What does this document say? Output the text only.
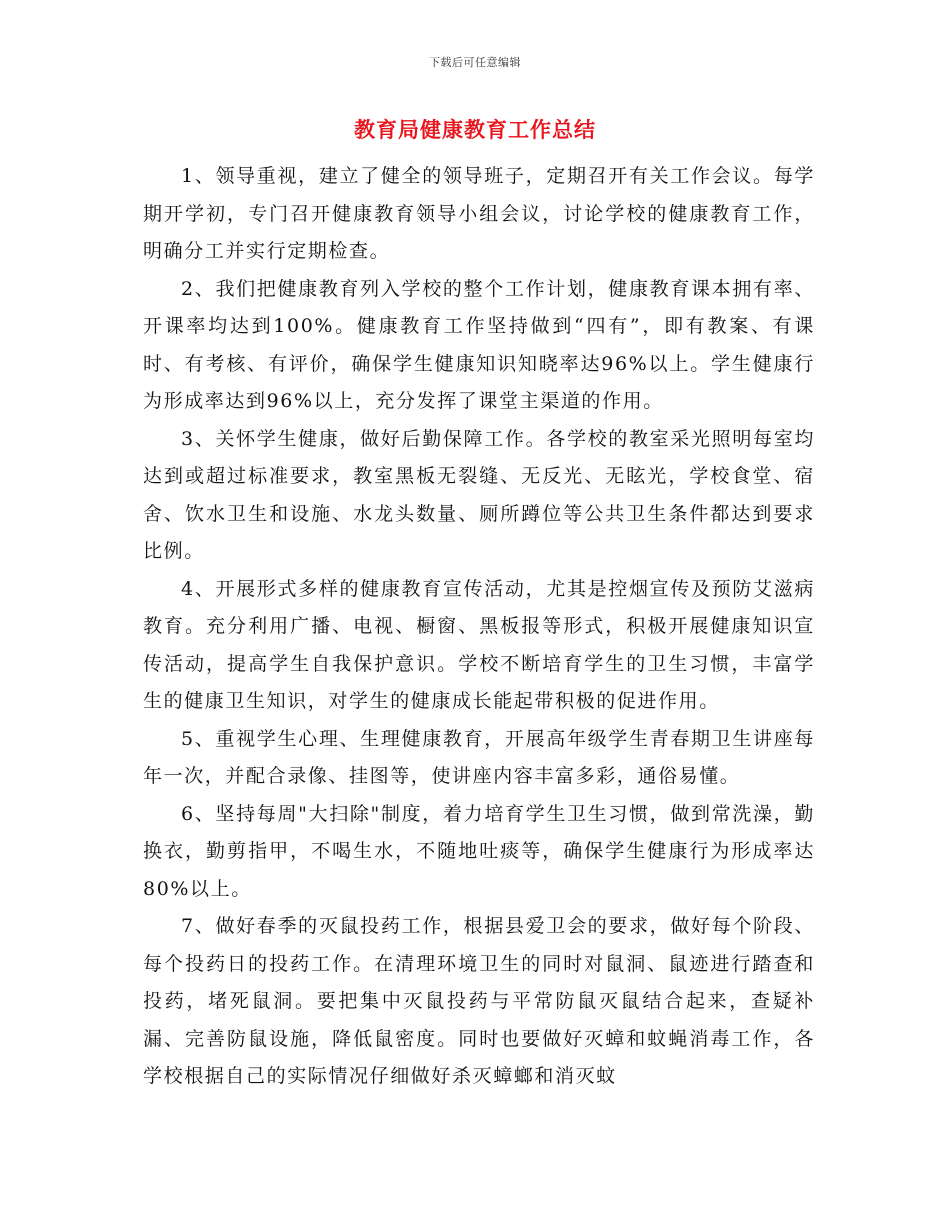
下载后可任意编辑
教育局健康教育工作总结

1、领导重视，建立了健全的领导班子，定期召开有关工作会议。每学期开学初，专门召开健康教育领导小组会议，讨论学校的健康教育工作，明确分工并实行定期检查。

2、我们把健康教育列入学校的整个工作计划，健康教育课本拥有率、开课率均达到100%。健康教育工作坚持做到“四有”，即有教案、有课时、有考核、有评价，确保学生健康知识知晓率达96%以上。学生健康行为形成率达到96%以上，充分发挥了课堂主渠道的作用。

3、关怀学生健康，做好后勤保障工作。各学校的教室采光照明每室均达到或超过标准要求，教室黑板无裂缝、无反光、无眩光，学校食堂、宿舍、饮水卫生和设施、水龙头数量、厕所蹲位等公共卫生条件都达到要求比例。

4、开展形式多样的健康教育宣传活动，尤其是控烟宣传及预防艾滋病教育。充分利用广播、电视、橱窗、黑板报等形式，积极开展健康知识宣传活动，提高学生自我保护意识。学校不断培育学生的卫生习惯，丰富学生的健康卫生知识，对学生的健康成长能起带积极的促进作用。

5、重视学生心理、生理健康教育，开展高年级学生青春期卫生讲座每年一次，并配合录像、挂图等，使讲座内容丰富多彩，通俗易懂。

6、坚持每周"大扫除"制度，着力培育学生卫生习惯，做到常洗澡，勤换衣，勤剪指甲，不喝生水，不随地吐痰等，确保学生健康行为形成率达80%以上。

7、做好春季的灭鼠投药工作，根据县爱卫会的要求，做好每个阶段、每个投药日的投药工作。在清理环境卫生的同时对鼠洞、鼠迹进行踏查和投药，堵死鼠洞。要把集中灭鼠投药与平常防鼠灭鼠结合起来，查疑补漏、完善防鼠设施，降低鼠密度。同时也要做好灭蟑和蚊蝇消毒工作，各学校根据自己的实际情况仔细做好杀灭蟑螂和消灭蚊
